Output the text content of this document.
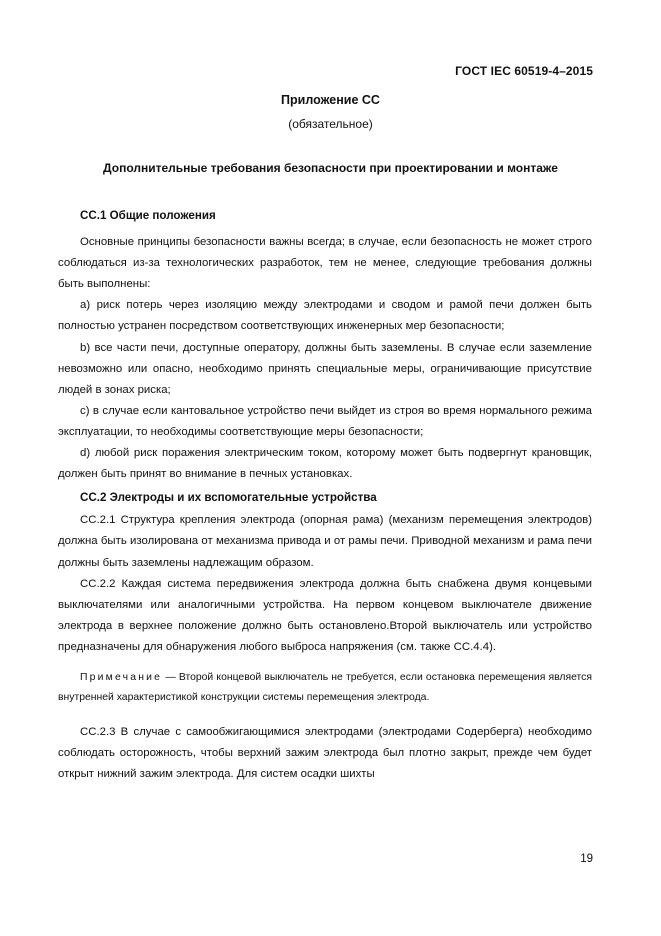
ГОСТ IEC 60519-4–2015
Приложение СС
(обязательное)
Дополнительные требования безопасности при проектировании и монтаже
СС.1 Общие положения

Основные принципы безопасности важны всегда; в случае, если безопасность не может строго соблюдаться из-за технологических разработок, тем не менее, следующие требования должны быть выполнены:

a) риск потерь через изоляцию между электродами и сводом и рамой печи должен быть полностью устранен посредством соответствующих инженерных мер безопасности;

b) все части печи, доступные оператору, должны быть заземлены. В случае если заземление невозможно или опасно, необходимо принять специальные меры, ограничивающие присутствие людей в зонах риска;

c) в случае если кантовальное устройство печи выйдет из строя во время нормального режима эксплуатации, то необходимы соответствующие меры безопасности;

d) любой риск поражения электрическим током, которому может быть подвергнут крановщик, должен быть принят во внимание в печных установках.

СС.2 Электроды и их вспомогательные устройства

СС.2.1 Структура крепления электрода (опорная рама) (механизм перемещения электродов) должна быть изолирована от механизма привода и от рамы печи. Приводной механизм и рама печи должны быть заземлены надлежащим образом.

СС.2.2 Каждая система передвижения электрода должна быть снабжена двумя концевыми выключателями или аналогичными устройства. На первом концевом выключателе движение электрода в верхнее положение должно быть остановлено.Второй выключатель или устройство предназначены для обнаружения любого выброса напряжения (см. также СС.4.4).

Примечание — Второй концевой выключатель не требуется, если остановка перемещения является внутренней характеристикой конструкции системы перемещения электрода.

СС.2.3 В случае с самообжигающимися электродами (электродами Содерберга) необходимо соблюдать осторожность, чтобы верхний зажим электрода был плотно закрыт, прежде чем будет открыт нижний зажим электрода. Для систем осадки шихты

19
